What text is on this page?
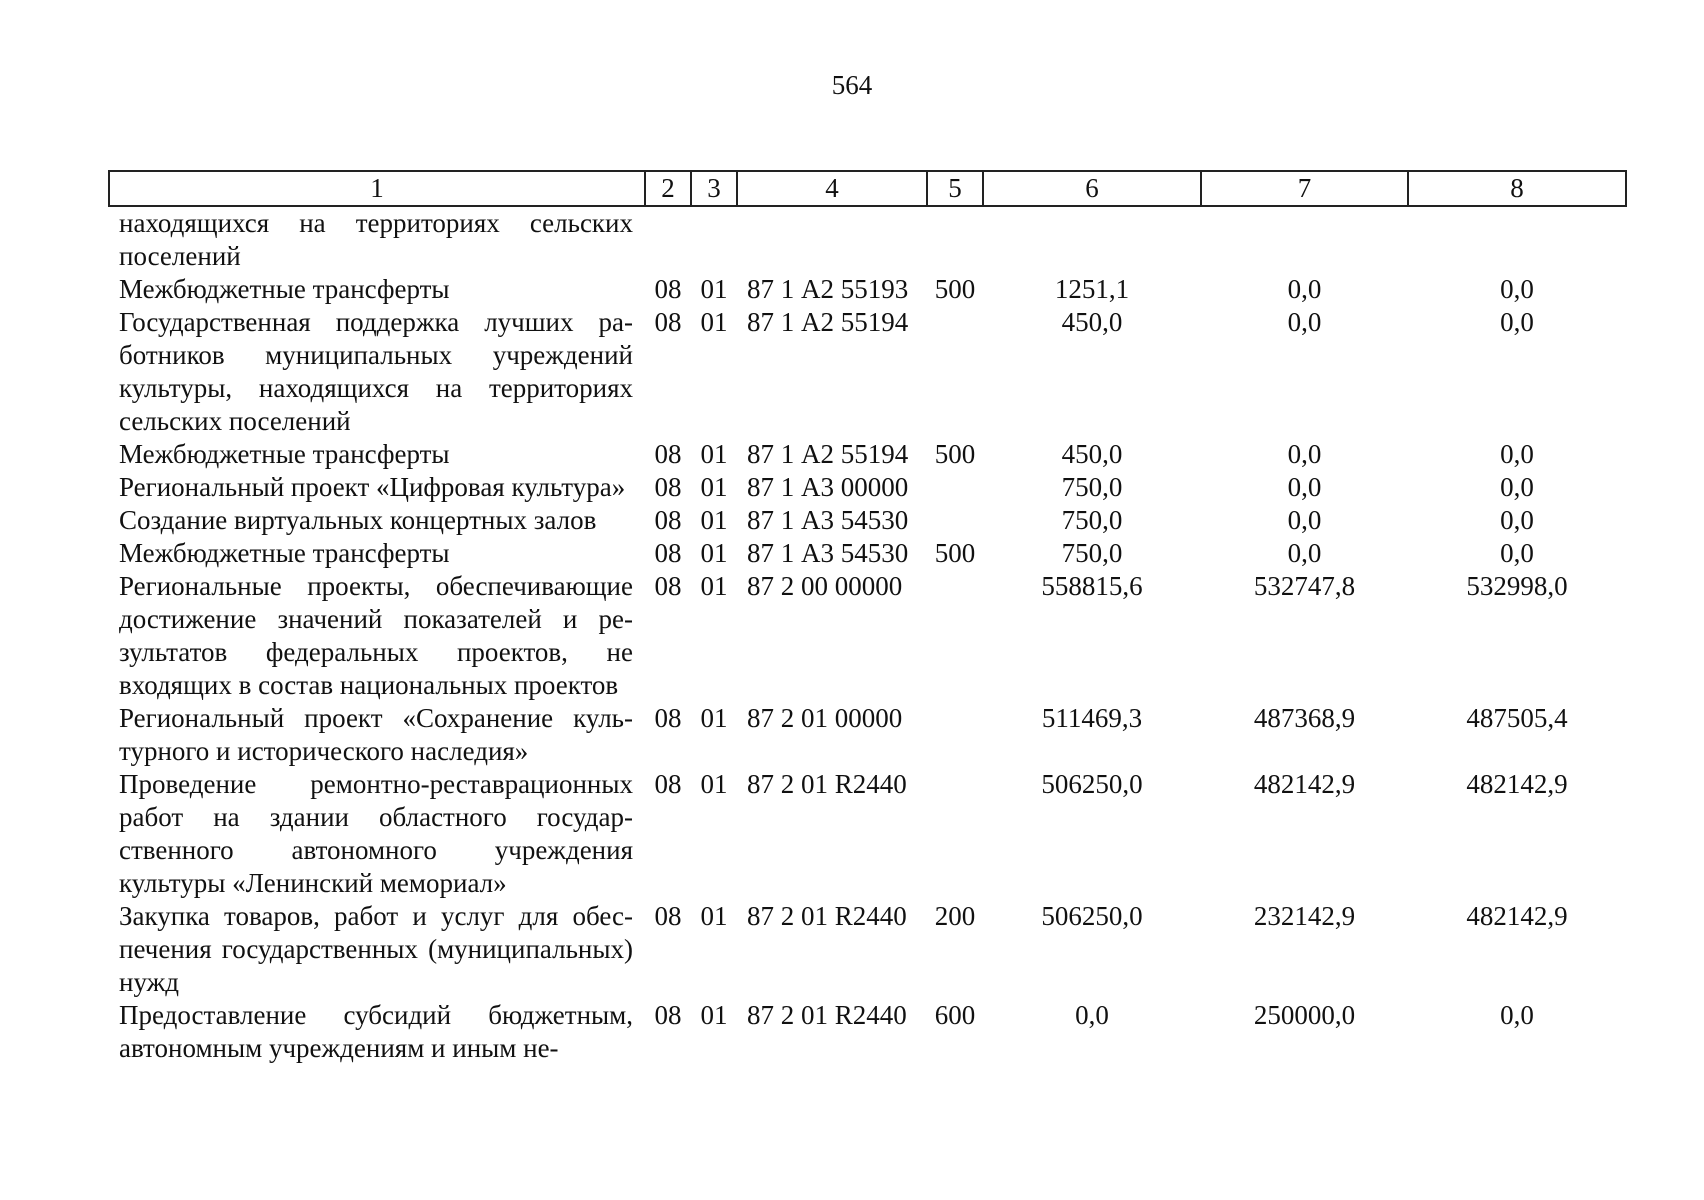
564
1	2	3	4	5	6	7	8
находящихся на территориях сельских поселений							
Межбюджетные трансферты	08	01	87 1 А2 55193	500	1251,1	0,0	0,0
Государственная поддержка лучших работников муниципальных учреждений культуры, находящихся на территориях сельских поселений	08	01	87 1 А2 55194		450,0	0,0	0,0
Межбюджетные трансферты	08	01	87 1 А2 55194	500	450,0	0,0	0,0
Региональный проект «Цифровая культура»	08	01	87 1 А3 00000		750,0	0,0	0,0
Создание виртуальных концертных залов	08	01	87 1 А3 54530		750,0	0,0	0,0
Межбюджетные трансферты	08	01	87 1 А3 54530	500	750,0	0,0	0,0
Региональные проекты, обеспечивающие достижение значений показателей и результатов федеральных проектов, не входящих в состав национальных проектов	08	01	87 2 00 00000		558815,6	532747,8	532998,0
Региональный проект «Сохранение культурного и исторического наследия»	08	01	87 2 01 00000		511469,3	487368,9	487505,4
Проведение ремонтно-реставрационных работ на здании областного государственного автономного учреждения культуры «Ленинский мемориал»	08	01	87 2 01 R2440		506250,0	482142,9	482142,9
Закупка товаров, работ и услуг для обеспечения государственных (муниципальных) нужд	08	01	87 2 01 R2440	200	506250,0	232142,9	482142,9
Предоставление субсидий бюджетным, автономным учреждениям и иным не-	08	01	87 2 01 R2440	600	0,0	250000,0	0,0
